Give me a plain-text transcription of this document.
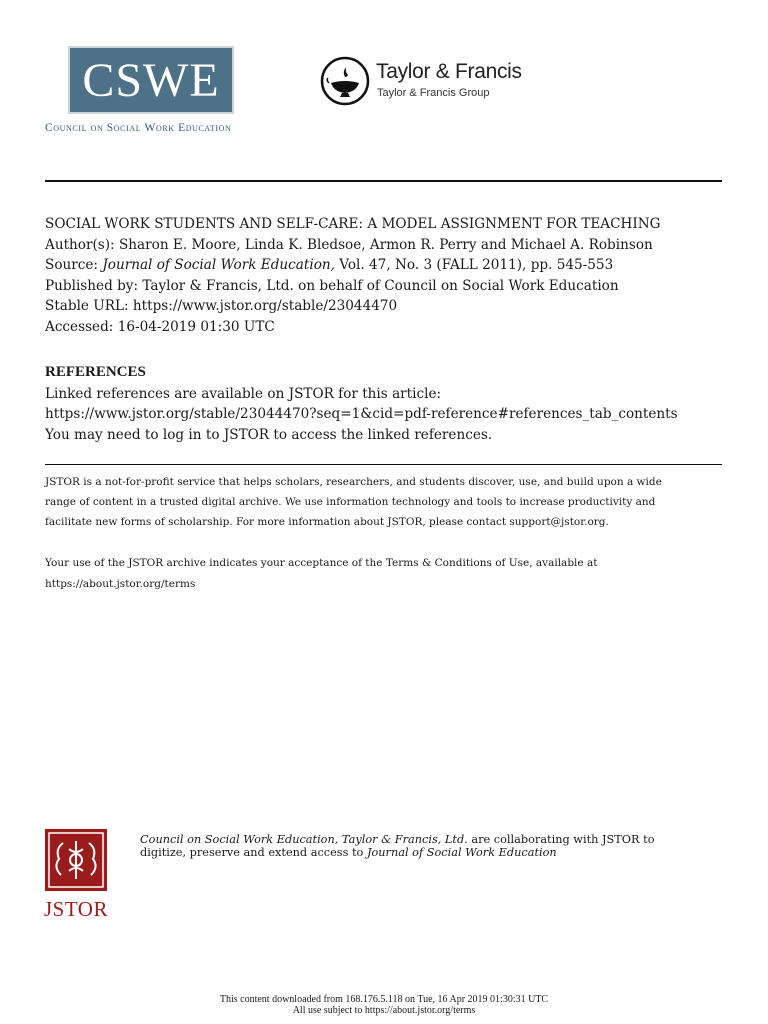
CSWE
Council on Social Work Education
Taylor & Francis
Taylor & Francis Group
SOCIAL WORK STUDENTS AND SELF-CARE: A MODEL ASSIGNMENT FOR TEACHING
Author(s): Sharon E. Moore, Linda K. Bledsoe, Armon R. Perry and Michael A. Robinson
Source: Journal of Social Work Education, Vol. 47, No. 3 (FALL 2011), pp. 545-553
Published by: Taylor & Francis, Ltd. on behalf of Council on Social Work Education
Stable URL: https://www.jstor.org/stable/23044470
Accessed: 16-04-2019 01:30 UTC
REFERENCES
Linked references are available on JSTOR for this article:
https://www.jstor.org/stable/23044470?seq=1&cid=pdf-reference#references_tab_contents
You may need to log in to JSTOR to access the linked references.
JSTOR is a not-for-profit service that helps scholars, researchers, and students discover, use, and build upon a wide
range of content in a trusted digital archive. We use information technology and tools to increase productivity and
facilitate new forms of scholarship. For more information about JSTOR, please contact support@jstor.org.
Your use of the JSTOR archive indicates your acceptance of the Terms & Conditions of Use, available at
https://about.jstor.org/terms
JSTOR
Council on Social Work Education, Taylor & Francis, Ltd. are collaborating with JSTOR to
digitize, preserve and extend access to Journal of Social Work Education
This content downloaded from 168.176.5.118 on Tue, 16 Apr 2019 01:30:31 UTC
All use subject to https://about.jstor.org/terms
